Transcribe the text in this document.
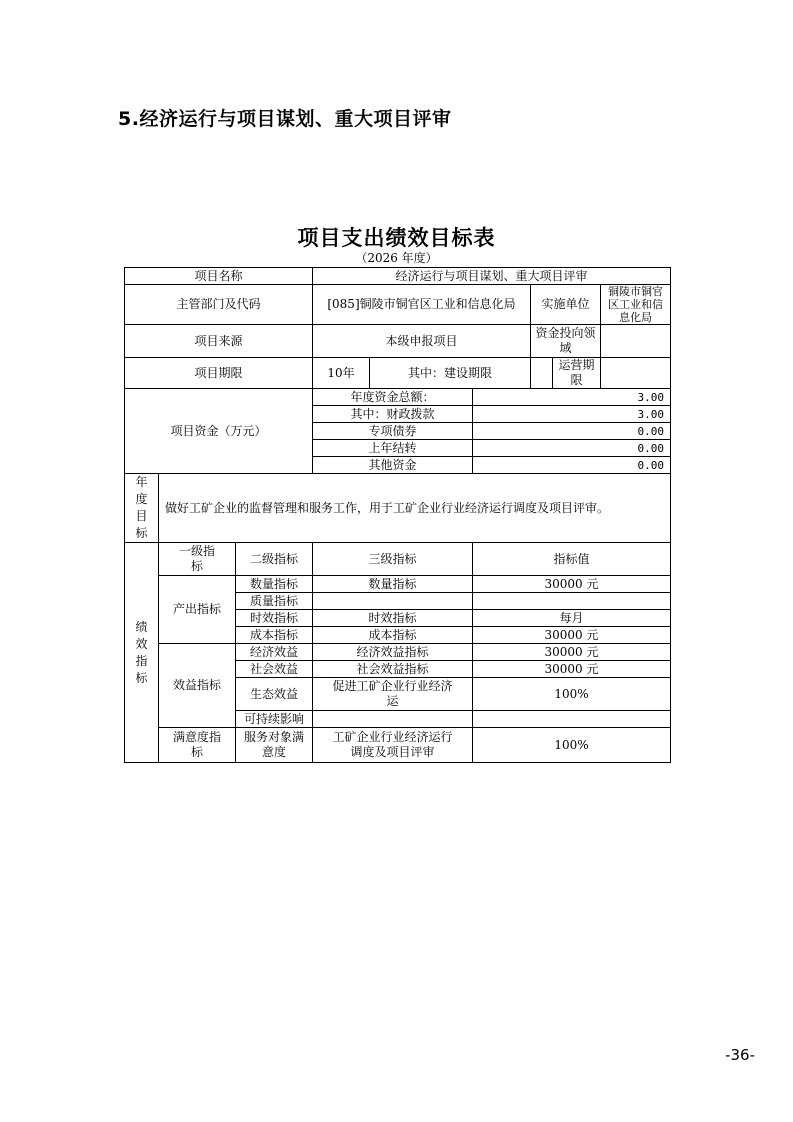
5.经济运行与项目谋划、重大项目评审
项目支出绩效目标表
（2026 年度）
项目名称			经济运行与项目谋划、重大项目评审					
主管部门及代码			[085]铜陵市铜官区工业和信息化局			实施单位		铜陵市铜官区工业和信息化局
项目来源			本级申报项目			资金投向领域		
项目期限			10年	其中：建设期限			运营期限	
项目资金（万元）			年度资金总额：		3.00			
			其中：财政拨款		3.00			
			专项债券		0.00			
			上年结转		0.00			
			其他资金		0.00			
年度目标	做好工矿企业的监督管理和服务工作，用于工矿企业行业经济运行调度及项目评审。							
绩效指标	一级指标	二级指标	三级指标		指标值			
	产出指标	数量指标	数量指标		30000 元			
		质量指标						
		时效指标	时效指标		每月			
		成本指标	成本指标		30000 元			
	效益指标	经济效益	经济效益指标		30000 元			
		社会效益	社会效益指标		30000 元			
		生态效益	促进工矿企业行业经济运		100%			
		可持续影响						
	满意度指标	服务对象满意度	工矿企业行业经济运行调度及项目评审		100%			
-36-
